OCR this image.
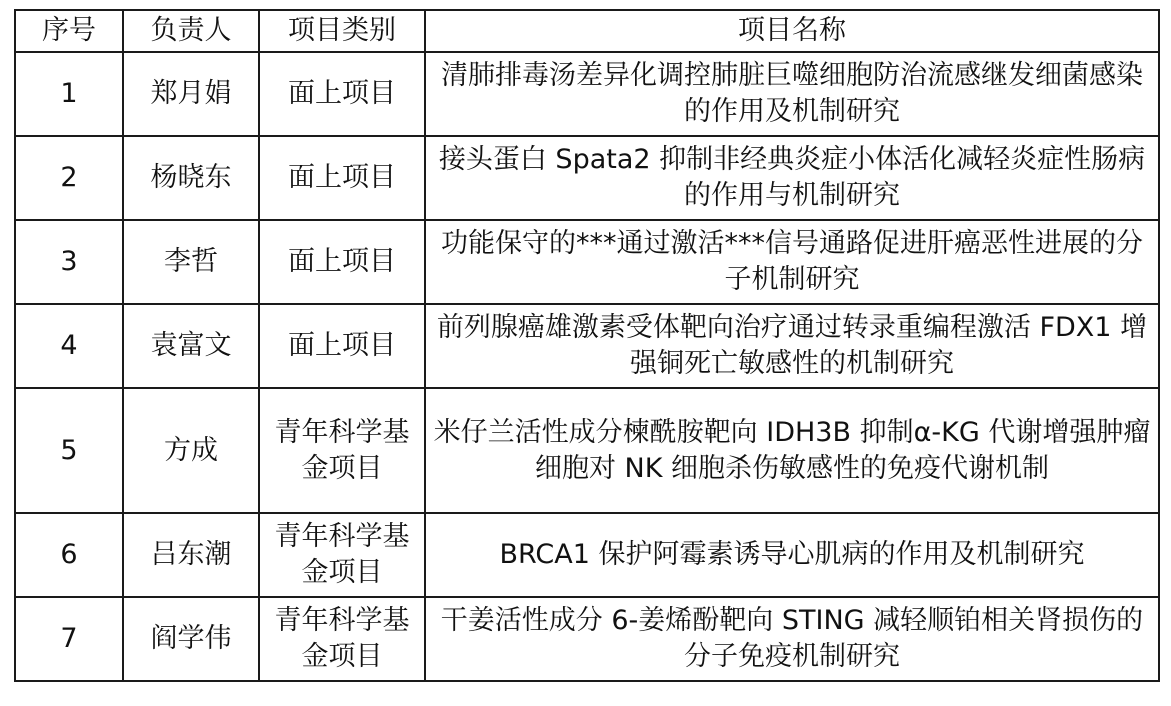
序号	负责人	项目类别	项目名称
1	郑月娟	面上项目	清肺排毒汤差异化调控肺脏巨噬细胞防治流感继发细菌感染的作用及机制研究
2	杨晓东	面上项目	接头蛋白 Spata2 抑制非经典炎症小体活化减轻炎症性肠病的作用与机制研究
3	李哲	面上项目	功能保守的***通过激活***信号通路促进肝癌恶性进展的分子机制研究
4	袁富文	面上项目	前列腺癌雄激素受体靶向治疗通过转录重编程激活 FDX1 增强铜死亡敏感性的机制研究
5	方成	青年科学基金项目	米仔兰活性成分楝酰胺靶向 IDH3B 抑制α-KG 代谢增强肿瘤细胞对 NK 细胞杀伤敏感性的免疫代谢机制
6	吕东潮	青年科学基金项目	BRCA1 保护阿霉素诱导心肌病的作用及机制研究
7	阎学伟	青年科学基金项目	干姜活性成分 6-姜烯酚靶向 STING 减轻顺铂相关肾损伤的分子免疫机制研究
